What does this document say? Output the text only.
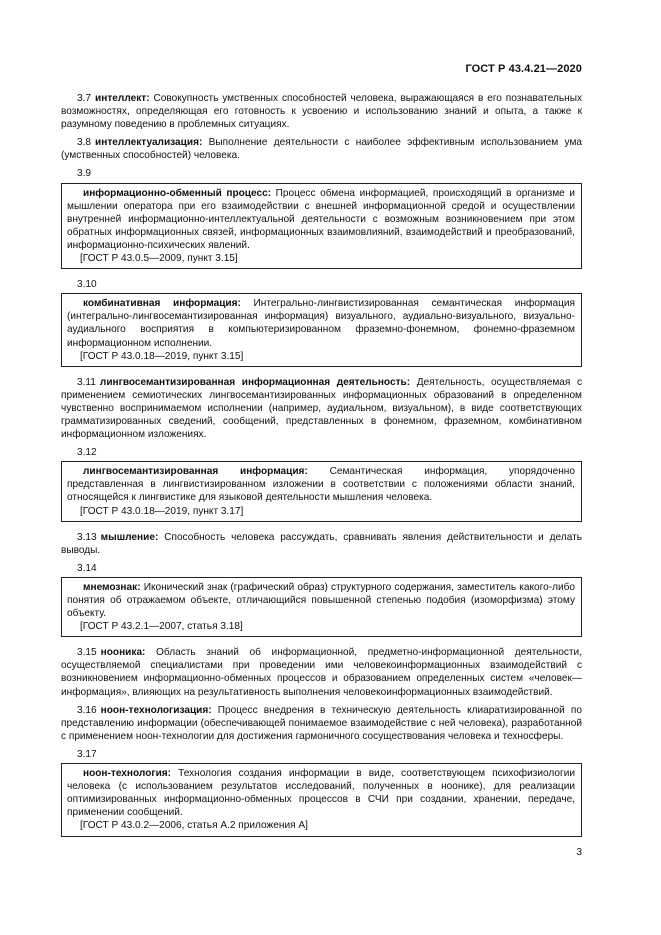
ГОСТ Р 43.4.21—2020

3.7 интеллект: Совокупность умственных способностей человека, выражающаяся в его познавательных возможностях, определяющая его готовность к усвоению и использованию знаний и опыта, а также к разумному поведению в проблемных ситуациях.

3.8 интеллектуализация: Выполнение деятельности с наиболее эффективным использованием ума (умственных способностей) человека.

3.9

информационно-обменный процесс: Процесс обмена информацией, происходящий в организме и мышлении оператора при его взаимодействии с внешней информационной средой и осуществлении внутренней информационно-интеллектуальной деятельности с возможным возникновением при этом обратных информационных связей, информационных взаимовлияний, взаимодействий и преобразований, информационно-психических явлений.

[ГОСТ Р 43.0.5—2009, пункт 3.15]

3.10

комбинативная информация: Интегрально-лингвистизированная семантическая информация (интегрально-лингвосемантизированная информация) визуального, аудиально-визуального, визуально-аудиального восприятия в компьютеризированном фраземно-фонемном, фонемно-фраземном информационном исполнении.

[ГОСТ Р 43.0.18—2019, пункт 3.15]

3.11 лингвосемантизированная информационная деятельность: Деятельность, осуществляемая с применением семиотических лингвосемантизированных информационных образований в определенном чувственно воспринимаемом исполнении (например, аудиальном, визуальном), в виде соответствующих грамматизированных сведений, сообщений, представленных в фонемном, фраземном, комбинативном информационном изложениях.

3.12

лингвосемантизированная информация: Семантическая информация, упорядоченно представленная в лингвистизированном изложении в соответствии с положениями области знаний, относящейся к лингвистике для языковой деятельности мышления человека.

[ГОСТ Р 43.0.18—2019, пункт 3.17]

3.13 мышление: Способность человека рассуждать, сравнивать явления действительности и делать выводы.

3.14

мнемознак: Иконический знак (графический образ) структурного содержания, заместитель какого-либо понятия об отражаемом объекте, отличающийся повышенной степенью подобия (изоморфизма) этому объекту.

[ГОСТ Р 43.2.1—2007, статья 3.18]

3.15 нооника: Область знаний об информационной, предметно-информационной деятельности, осуществляемой специалистами при проведении ими человекоинформационных взаимодействий с возникновением информационно-обменных процессов и образованием определенных систем «человек—информация», влияющих на результативность выполнения человекоинформационных взаимодействий.

3.16 ноон-технологизация: Процесс внедрения в техническую деятельность клиаратизированной по представлению информации (обеспечивающей понимаемое взаимодействие с ней человека), разработанной с применением ноон-технологии для достижения гармоничного сосуществования человека и техносферы.

3.17

ноон-технология: Технология создания информации в виде, соответствующем психофизиологии человека (с использованием результатов исследований, полученных в ноонике), для реализации оптимизированных информационно-обменных процессов в СЧИ при создании, хранении, передаче, применении сообщений.

[ГОСТ Р 43.0.2—2006, статья А.2 приложения А]

3
